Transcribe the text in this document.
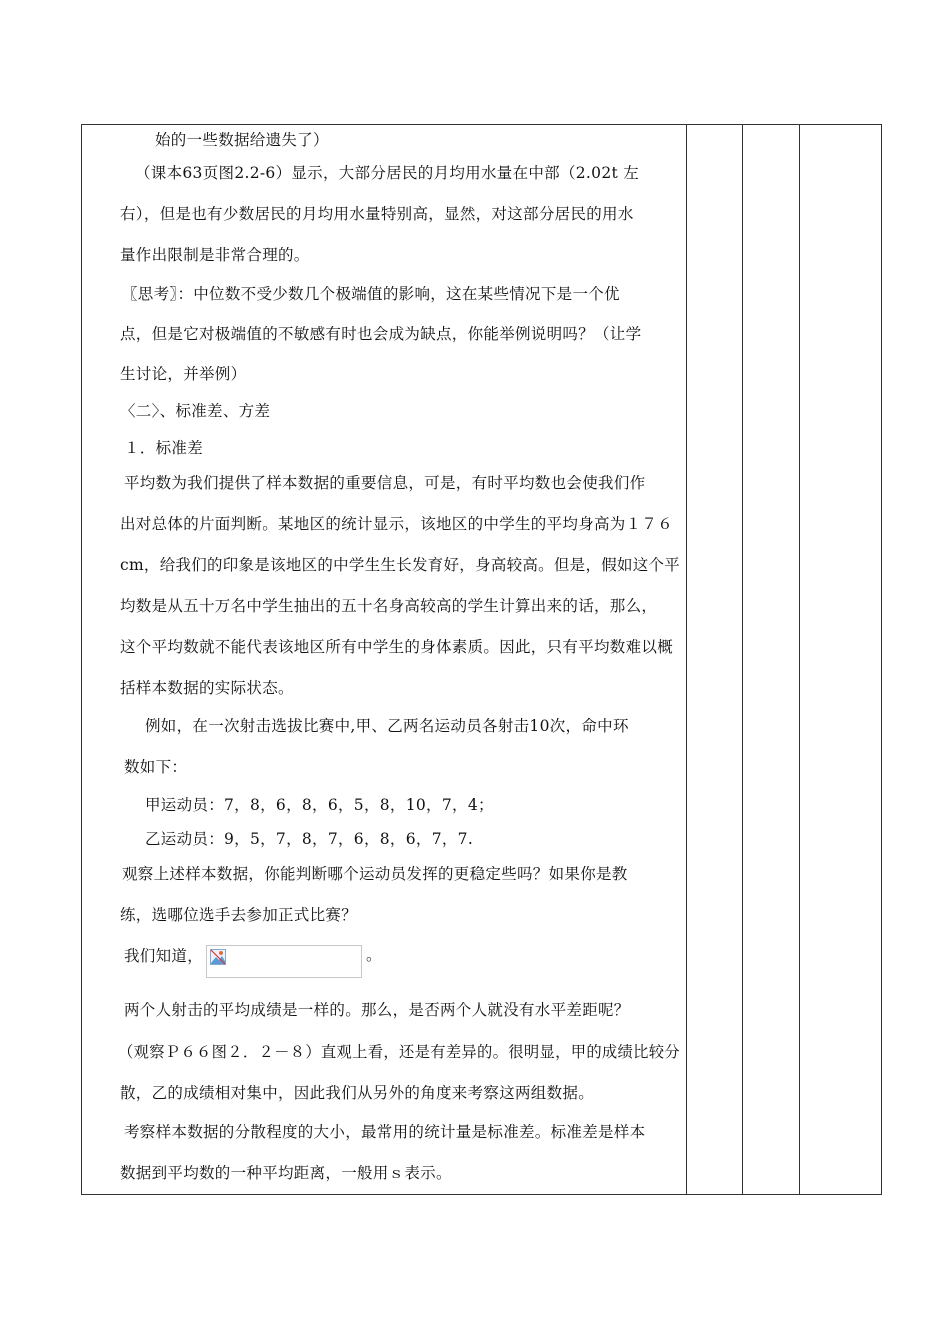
始的一些数据给遗失了）
（课本63页图2.2-6）显示，大部分居民的月均用水量在中部（2.02t 左
右），但是也有少数居民的月均用水量特别高，显然，对这部分居民的用水
量作出限制是非常合理的。
〖思考〗：中位数不受少数几个极端值的影响，这在某些情况下是一个优
点，但是它对极端值的不敏感有时也会成为缺点，你能举例说明吗？（让学
生讨论，并举例）
〈二〉、标准差、方差
１．标准差
平均数为我们提供了样本数据的重要信息，可是，有时平均数也会使我们作
出对总体的片面判断。某地区的统计显示，该地区的中学生的平均身高为１７６
cm，给我们的印象是该地区的中学生生长发育好，身高较高。但是，假如这个平
均数是从五十万名中学生抽出的五十名身高较高的学生计算出来的话，那么，
这个平均数就不能代表该地区所有中学生的身体素质。因此，只有平均数难以概
括样本数据的实际状态。
例如，在一次射击选拔比赛中,甲、乙两名运动员各射击10次，命中环
数如下：
甲运动员：7，8，6，8，6，5，8，10，7，4；
乙运动员：9，5，7，8，7，6，8，6，7，7.
观察上述样本数据，你能判断哪个运动员发挥的更稳定些吗？如果你是教
练，选哪位选手去参加正式比赛？
我们知道，	。
两个人射击的平均成绩是一样的。那么，是否两个人就没有水平差距呢？
（观察Ｐ６６图２．２－８）直观上看，还是有差异的。很明显，甲的成绩比较分
散，乙的成绩相对集中，因此我们从另外的角度来考察这两组数据。
考察样本数据的分散程度的大小，最常用的统计量是标准差。标准差是样本
数据到平均数的一种平均距离，一般用ｓ表示。
